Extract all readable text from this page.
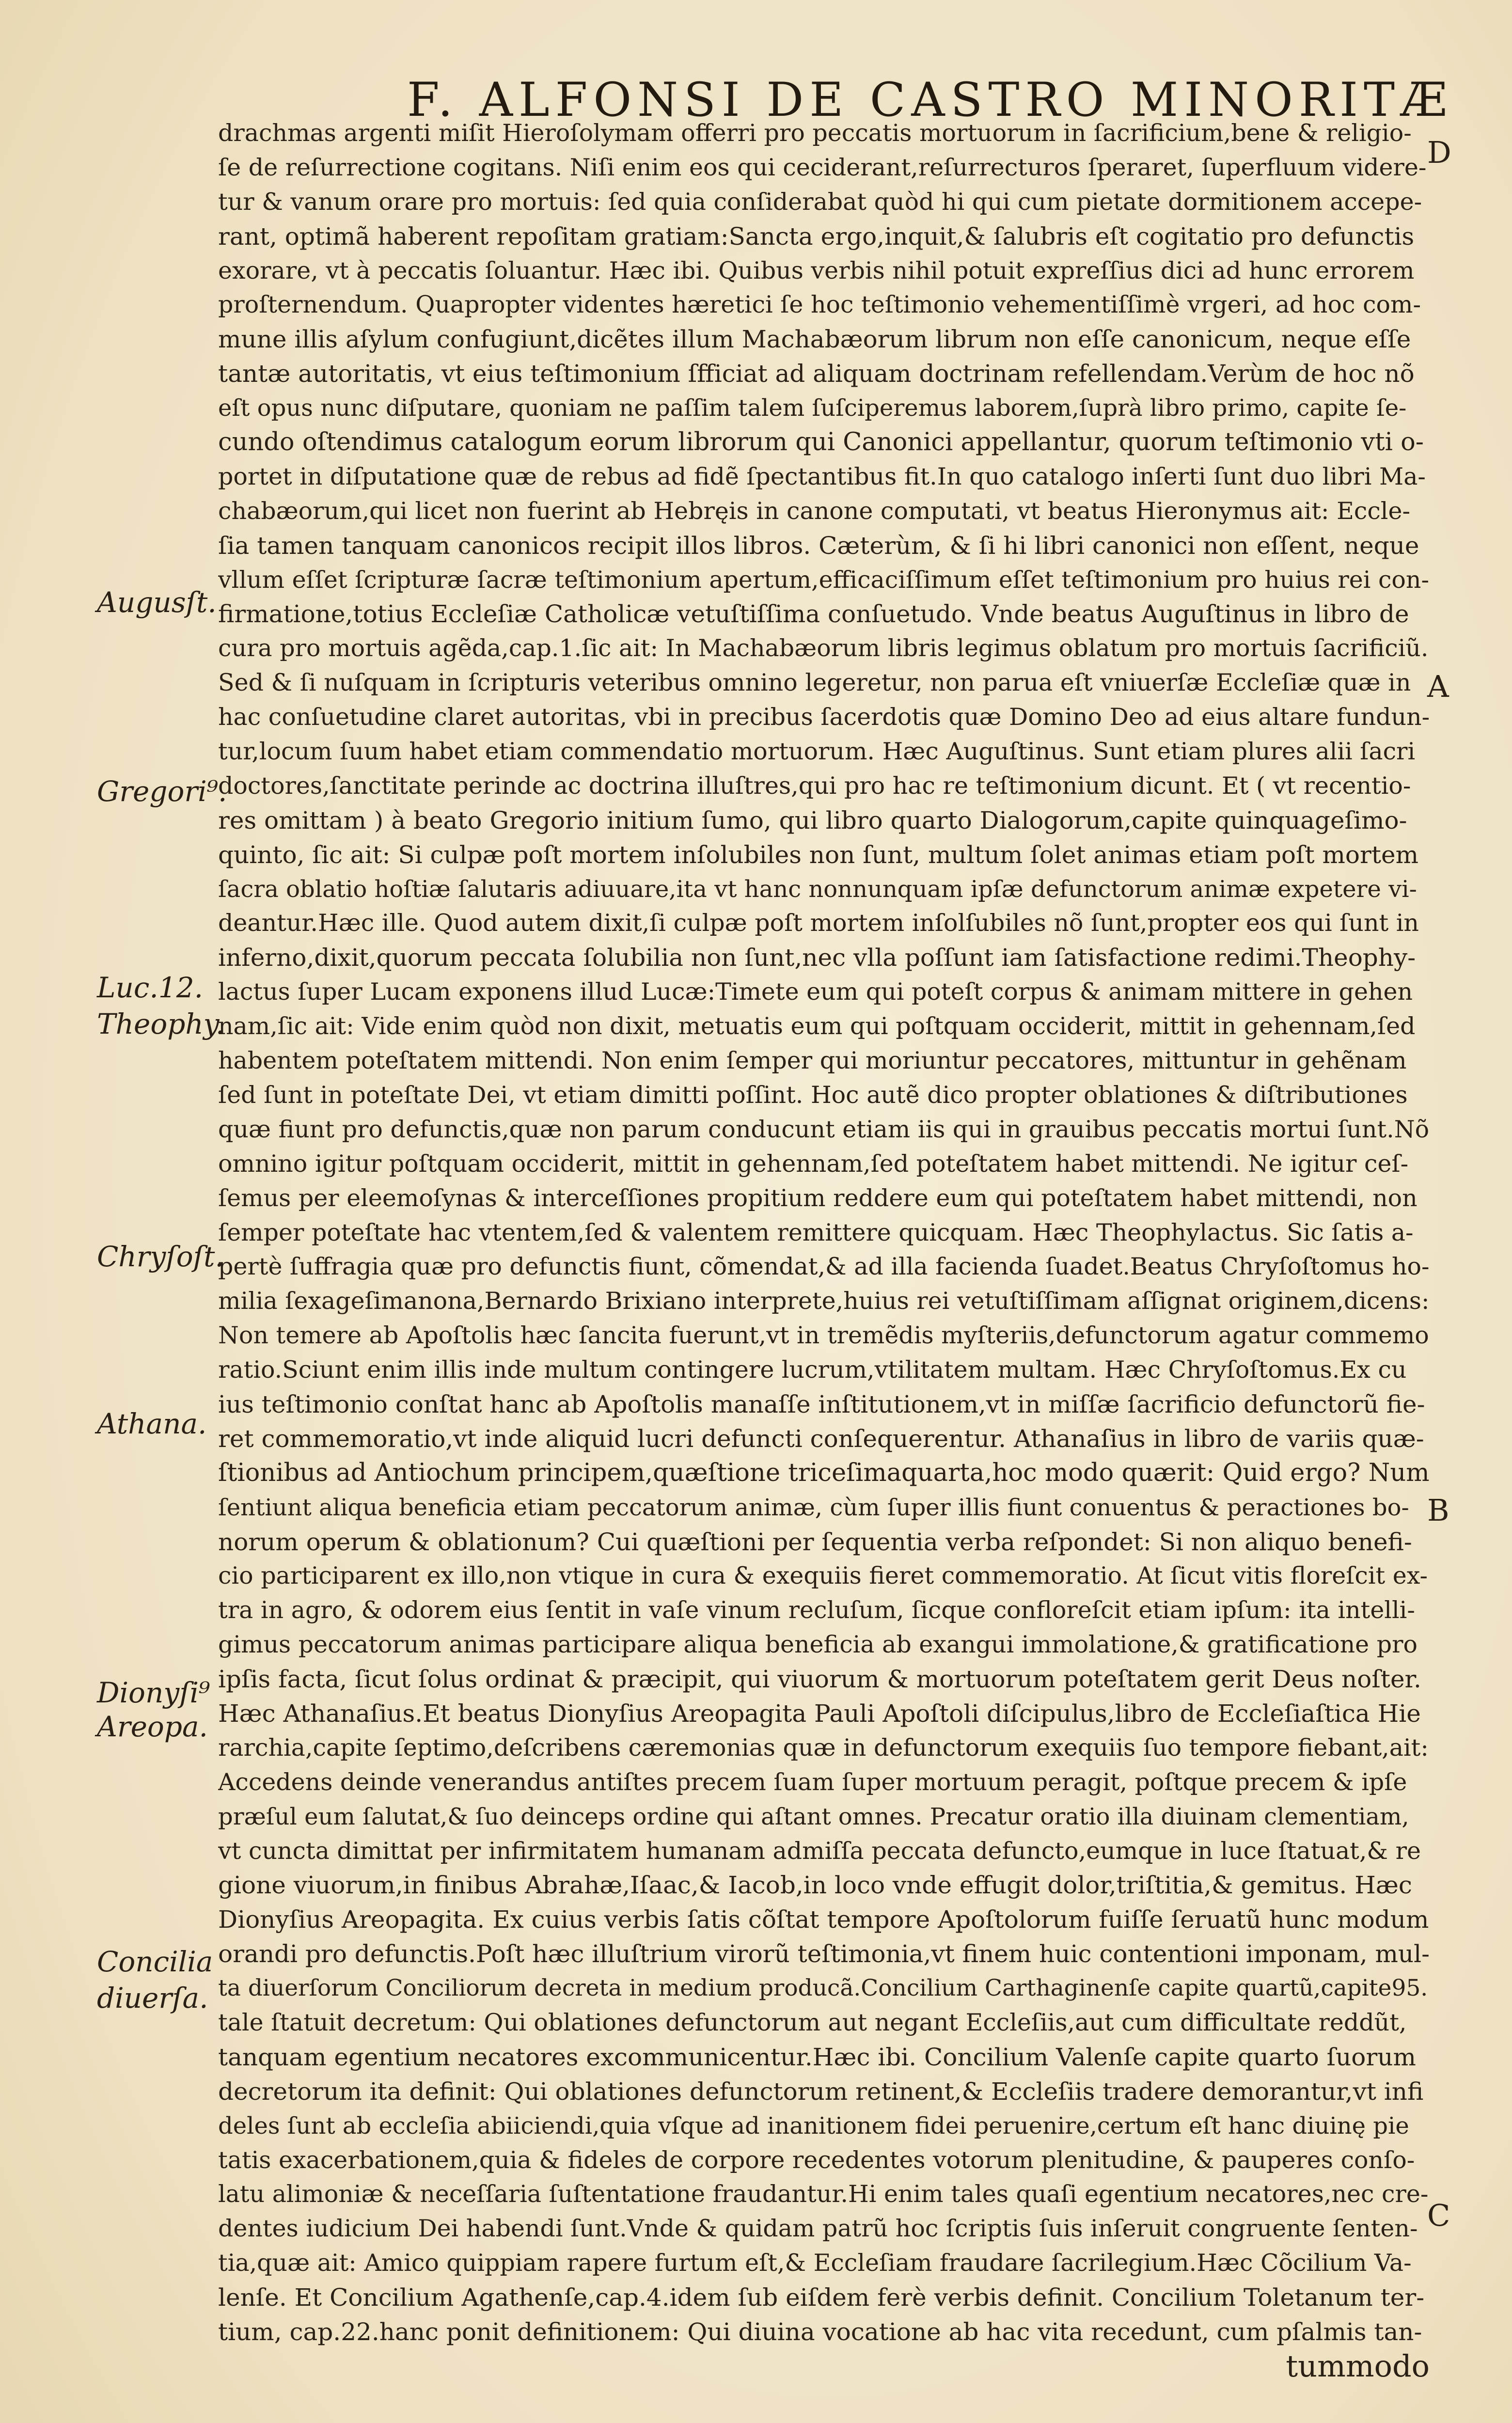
F. ALFONSI DE CASTRO MINORITÆ
D
A
B
C
Augusſt.
Gregori⁹.
Luc.12.
Theophy.
Chryſoſt.
Athana.
Dionyſi⁹
Areopa.
Concilia
diuerſa.
drachmas argenti miſit Hieroſolymam offerri pro peccatis mortuorum in ſacrificium,bene & religio-
ſe de reſurrectione cogitans. Niſi enim eos qui ceciderant,reſurrecturos ſperaret, ſuperfluum videre-
tur & vanum orare pro mortuis: ſed quia conſiderabat quòd hi qui cum pietate dormitionem accepe-
rant, optimã haberent repoſitam gratiam:Sancta ergo,inquit,& ſalubris eſt cogitatio pro defunctis
exorare, vt à peccatis ſoluantur. Hæc ibi. Quibus verbis nihil potuit expreſſius dici ad hunc errorem
proſternendum. Quapropter videntes hæretici ſe hoc teſtimonio vehementiſſimè vrgeri, ad hoc com-
mune illis aſylum confugiunt,dicẽtes illum Machabæorum librum non eſſe canonicum, neque eſſe
tantæ autoritatis, vt eius teſtimonium ſfficiat ad aliquam doctrinam refellendam.Verùm de hoc nõ
eſt opus nunc diſputare, quoniam ne paſſim talem ſuſciperemus laborem,ſuprà libro primo, capite ſe-
cundo oſtendimus catalogum eorum librorum qui Canonici appellantur, quorum teſtimonio vti o-
portet in diſputatione quæ de rebus ad fidẽ ſpectantibus fit.In quo catalogo inſerti ſunt duo libri Ma-
chabæorum,qui licet non fuerint ab Hebręis in canone computati, vt beatus Hieronymus ait: Eccle-
ſia tamen tanquam canonicos recipit illos libros. Cæterùm, & ſi hi libri canonici non eſſent, neque
vllum eſſet ſcripturæ ſacræ teſtimonium apertum,efficaciſſimum eſſet teſtimonium pro huius rei con-
firmatione,totius Eccleſiæ Catholicæ vetuſtiſſima conſuetudo. Vnde beatus Auguſtinus in libro de
cura pro mortuis agẽda,cap.1.ſic ait: In Machabæorum libris legimus oblatum pro mortuis ſacrificiũ.
Sed & ſi nuſquam in ſcripturis veteribus omnino legeretur, non parua eſt vniuerſæ Eccleſiæ quæ in
hac conſuetudine claret autoritas, vbi in precibus ſacerdotis quæ Domino Deo ad eius altare fundun-
tur,locum ſuum habet etiam commendatio mortuorum. Hæc Auguſtinus. Sunt etiam plures alii ſacri
doctores,ſanctitate perinde ac doctrina illuſtres,qui pro hac re teſtimonium dicunt. Et ( vt recentio-
res omittam ) à beato Gregorio initium ſumo, qui libro quarto Dialogorum,capite quinquageſimo-
quinto, ſic ait: Si culpæ poſt mortem inſolubiles non ſunt, multum ſolet animas etiam poſt mortem
ſacra oblatio hoſtiæ ſalutaris adiuuare,ita vt hanc nonnunquam ipſæ defunctorum animæ expetere vi-
deantur.Hæc ille. Quod autem dixit,ſi culpæ poſt mortem inſolſubiles nõ ſunt,propter eos qui ſunt in
inferno,dixit,quorum peccata ſolubilia non ſunt,nec vlla poſſunt iam ſatisfactione redimi.Theophy-
lactus ſuper Lucam exponens illud Lucæ:Timete eum qui poteſt corpus & animam mittere in gehen
nam,ſic ait: Vide enim quòd non dixit, metuatis eum qui poſtquam occiderit, mittit in gehennam,ſed
habentem poteſtatem mittendi. Non enim ſemper qui moriuntur peccatores, mittuntur in gehẽnam
ſed ſunt in poteſtate Dei, vt etiam dimitti poſſint. Hoc autẽ dico propter oblationes & diſtributiones
quæ fiunt pro defunctis,quæ non parum conducunt etiam iis qui in grauibus peccatis mortui ſunt.Nõ
omnino igitur poſtquam occiderit, mittit in gehennam,ſed poteſtatem habet mittendi. Ne igitur ceſ-
ſemus per eleemoſynas & interceſſiones propitium reddere eum qui poteſtatem habet mittendi, non
ſemper poteſtate hac vtentem,ſed & valentem remittere quicquam. Hæc Theophylactus. Sic ſatis a-
pertè ſuffragia quæ pro defunctis fiunt, cõmendat,& ad illa facienda ſuadet.Beatus Chryſoſtomus ho-
milia ſexageſimanona,Bernardo Brixiano interprete,huius rei vetuſtiſſimam aſſignat originem,dicens:
Non temere ab Apoſtolis hæc ſancita fuerunt,vt in tremẽdis myſteriis,defunctorum agatur commemo
ratio.Sciunt enim illis inde multum contingere lucrum,vtilitatem multam. Hæc Chryſoſtomus.Ex cu
ius teſtimonio conſtat hanc ab Apoſtolis manaſſe inſtitutionem,vt in miſſæ ſacrificio defunctorũ fie-
ret commemoratio,vt inde aliquid lucri defuncti conſequerentur. Athanaſius in libro de variis quæ-
ſtionibus ad Antiochum principem,quæſtione triceſimaquarta,hoc modo quærit: Quid ergo? Num
ſentiunt aliqua beneficia etiam peccatorum animæ, cùm ſuper illis fiunt conuentus & peractiones bo-
norum operum & oblationum? Cui quæſtioni per ſequentia verba reſpondet: Si non aliquo benefi-
cio participarent ex illo,non vtique in cura & exequiis fieret commemoratio. At ſicut vitis floreſcit ex-
tra in agro, & odorem eius ſentit in vaſe vinum recluſum, ſicque confloreſcit etiam ipſum: ita intelli-
gimus peccatorum animas participare aliqua beneficia ab exangui immolatione,& gratificatione pro
ipſis facta, ſicut ſolus ordinat & præcipit, qui viuorum & mortuorum poteſtatem gerit Deus noſter.
Hæc Athanaſius.Et beatus Dionyſius Areopagita Pauli Apoſtoli diſcipulus,libro de Eccleſiaſtica Hie
rarchia,capite ſeptimo,deſcribens cæremonias quæ in defunctorum exequiis ſuo tempore fiebant,ait:
Accedens deinde venerandus antiſtes precem ſuam ſuper mortuum peragit, poſtque precem & ipſe
præſul eum ſalutat,& ſuo deinceps ordine qui aſtant omnes. Precatur oratio illa diuinam clementiam,
vt cuncta dimittat per infirmitatem humanam admiſſa peccata defuncto,eumque in luce ſtatuat,& re
gione viuorum,in finibus Abrahæ,Iſaac,& Iacob,in loco vnde effugit dolor,triſtitia,& gemitus. Hæc
Dionyſius Areopagita. Ex cuius verbis ſatis cõſtat tempore Apoſtolorum fuiſſe ſeruatũ hunc modum
orandi pro defunctis.Poſt hæc illuſtrium virorũ teſtimonia,vt finem huic contentioni imponam, mul-
ta diuerſorum Conciliorum decreta in medium producã.Concilium Carthaginenſe capite quartũ,capite95.
tale ſtatuit decretum: Qui oblationes defunctorum aut negant Eccleſiis,aut cum difficultate reddũt,
tanquam egentium necatores excommunicentur.Hæc ibi. Concilium Valenſe capite quarto ſuorum
decretorum ita definit: Qui oblationes defunctorum retinent,& Eccleſiis tradere demorantur,vt infi
deles ſunt ab eccleſia abiiciendi,quia vſque ad inanitionem fidei peruenire,certum eſt hanc diuinę pie
tatis exacerbationem,quia & fideles de corpore recedentes votorum plenitudine, & pauperes conſo-
latu alimoniæ & neceſſaria ſuſtentatione fraudantur.Hi enim tales quaſi egentium necatores,nec cre-
dentes iudicium Dei habendi ſunt.Vnde & quidam patrũ hoc ſcriptis ſuis inſeruit congruente ſenten-
tia,quæ ait: Amico quippiam rapere furtum eſt,& Eccleſiam fraudare ſacrilegium.Hæc Cõcilium Va-
lenſe. Et Concilium Agathenſe,cap.4.idem ſub eiſdem ferè verbis definit. Concilium Toletanum ter-
tium, cap.22.hanc ponit definitionem: Qui diuina vocatione ab hac vita recedunt, cum pſalmis tan-
tummodo
